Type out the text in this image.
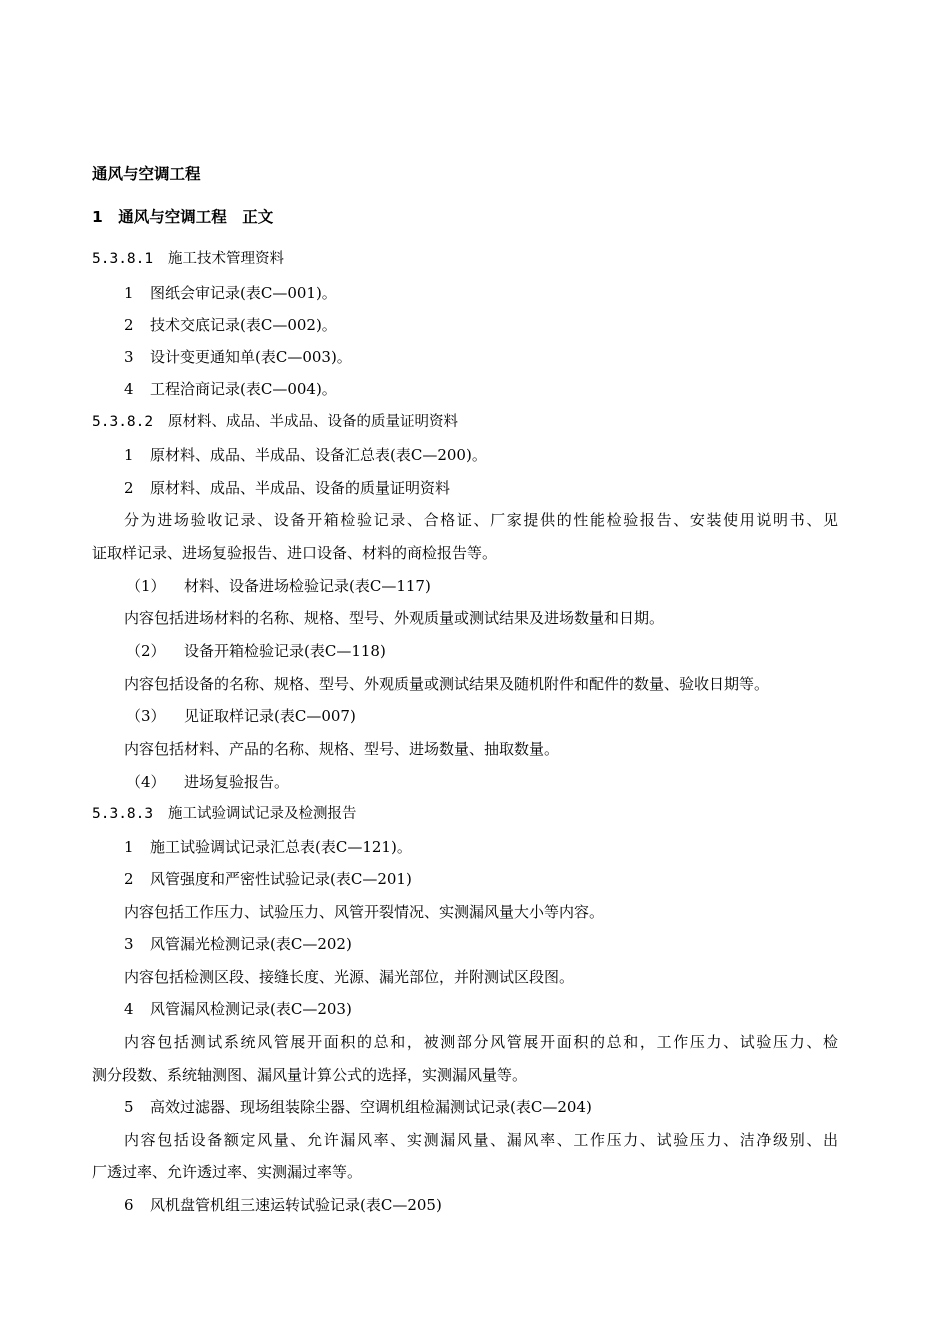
通风与空调工程
1　通风与空调工程　正文
5.3.8.1 施工技术管理资料
1 图纸会审记录(表C—001)。
2 技术交底记录(表C—002)。
3 设计变更通知单(表C—003)。
4 工程洽商记录(表C—004)。
5.3.8.2 原材料、成品、半成品、设备的质量证明资料
1 原材料、成品、半成品、设备汇总表(表C—200)。
2 原材料、成品、半成品、设备的质量证明资料
分为进场验收记录、设备开箱检验记录、合格证、厂家提供的性能检验报告、安装使用说明书、见
证取样记录、进场复验报告、进口设备、材料的商检报告等。
（1） 材料、设备进场检验记录(表C—117)
内容包括进场材料的名称、规格、型号、外观质量或测试结果及进场数量和日期。
（2） 设备开箱检验记录(表C—118)
内容包括设备的名称、规格、型号、外观质量或测试结果及随机附件和配件的数量、验收日期等。
（3） 见证取样记录(表C—007)
内容包括材料、产品的名称、规格、型号、进场数量、抽取数量。
（4） 进场复验报告。
5.3.8.3 施工试验调试记录及检测报告
1 施工试验调试记录汇总表(表C—121)。
2 风管强度和严密性试验记录(表C—201)
内容包括工作压力、试验压力、风管开裂情况、实测漏风量大小等内容。
3 风管漏光检测记录(表C—202)
内容包括检测区段、接缝长度、光源、漏光部位，并附测试区段图。
4 风管漏风检测记录(表C—203)
内容包括测试系统风管展开面积的总和，被测部分风管展开面积的总和，工作压力、试验压力、检
测分段数、系统轴测图、漏风量计算公式的选择，实测漏风量等。
5 高效过滤器、现场组装除尘器、空调机组检漏测试记录(表C—204)
内容包括设备额定风量、允许漏风率、实测漏风量、漏风率、工作压力、试验压力、洁净级别、出
厂透过率、允许透过率、实测漏过率等。
6 风机盘管机组三速运转试验记录(表C—205)
